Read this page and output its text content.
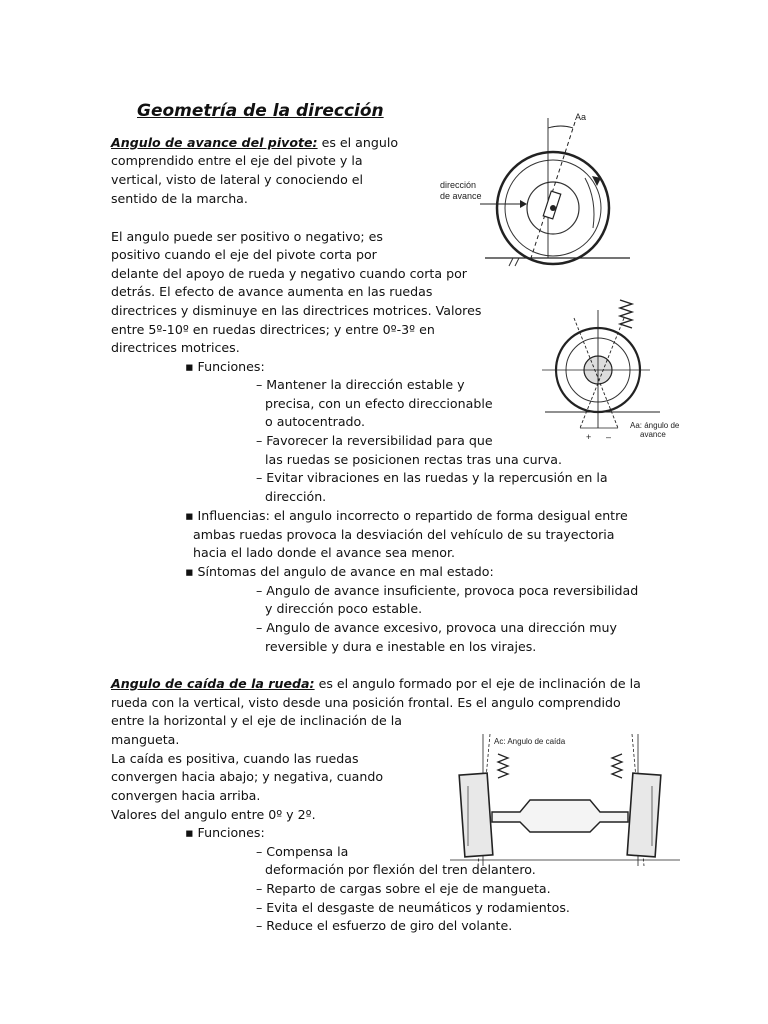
Geometría de la dirección

Angulo de avance del pivote: es el angulo

comprendido entre el eje del pivote y la

vertical, visto de lateral y conociendo el

sentido de la marcha.

El angulo puede ser positivo o negativo; es

positivo cuando el eje del pivote corta por

delante del apoyo de rueda y negativo cuando corta por

detrás. El efecto de avance aumenta en las ruedas

directrices y disminuye en las directrices motrices. Valores

entre 5º-10º en ruedas directrices; y entre 0º-3º en

directrices motrices.

▪ Funciones:

– Mantener la dirección estable y

precisa, con un efecto direccionable

o autocentrado.

– Favorecer la reversibilidad para que

las ruedas se posicionen rectas tras una curva.

– Evitar vibraciones en las ruedas y la repercusión en la

dirección.

▪ Influencias: el angulo incorrecto o repartido de forma desigual entre

ambas ruedas provoca la desviación del vehículo de su trayectoria

hacia el lado donde el avance sea menor.

▪ Síntomas del angulo de avance en mal estado:

– Angulo de avance insuficiente, provoca poca reversibilidad

y dirección poco estable.

– Angulo de avance excesivo, provoca una dirección muy

reversible y dura e inestable en los virajes.

Angulo de caída de la rueda: es el angulo formado por el eje de inclinación de la

rueda con la vertical, visto desde una posición frontal. Es el angulo comprendido

entre la horizontal y el eje de inclinación de la

mangueta.

La caída es positiva, cuando las ruedas

convergen hacia abajo; y negativa, cuando

convergen hacia arriba.

Valores del angulo entre 0º y 2º.

▪ Funciones:

– Compensa la

deformación por flexión del tren delantero.

– Reparto de cargas sobre el eje de mangueta.

– Evita el desgaste de neumáticos y rodamientos.

– Reduce el esfuerzo de giro del volante.

Aa
dirección
de avance
+ –
Aa: ángulo de
avance
Ac: Angulo de caída
